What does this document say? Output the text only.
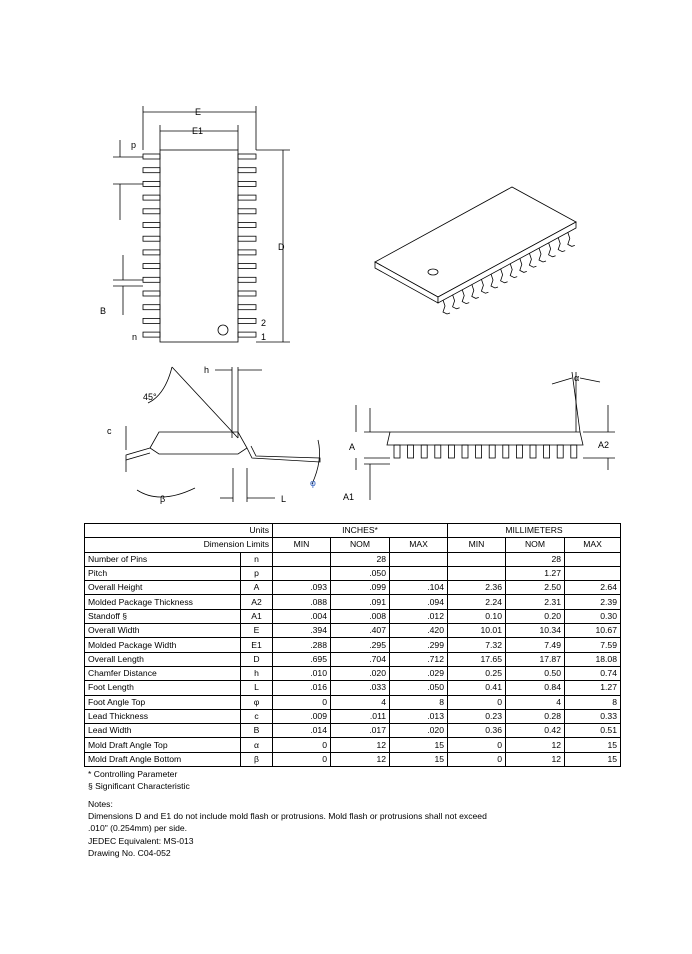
E
E1
D
p
B
n
2
1
h
45°
c
β	L
φ
α
A	A2
A1
Units		INCHES*			MILLIMETERS		
Dimension Limits		MIN	NOM	MAX	MIN	NOM	MAX
Number of Pins	n		28			28	
Pitch	p		.050			1.27	
Overall Height	A	.093	.099	.104	2.36	2.50	2.64
Molded Package Thickness	A2	.088	.091	.094	2.24	2.31	2.39
Standoff §	A1	.004	.008	.012	0.10	0.20	0.30
Overall Width	E	.394	.407	.420	10.01	10.34	10.67
Molded Package Width	E1	.288	.295	.299	7.32	7.49	7.59
Overall Length	D	.695	.704	.712	17.65	17.87	18.08
Chamfer Distance	h	.010	.020	.029	0.25	0.50	0.74
Foot Length	L	.016	.033	.050	0.41	0.84	1.27
Foot Angle Top	φ	0	4	8	0	4	8
Lead Thickness	c	.009	.011	.013	0.23	0.28	0.33
Lead Width	B	.014	.017	.020	0.36	0.42	0.51
Mold Draft Angle Top	α	0	12	15	0	12	15
Mold Draft Angle Bottom	β	0	12	15	0	12	15
* Controlling Parameter
§ Significant Characteristic
Notes:
Dimensions D and E1 do not include mold flash or protrusions. Mold flash or protrusions shall not exceed
.010" (0.254mm) per side.
JEDEC Equivalent: MS-013
Drawing No. C04-052
